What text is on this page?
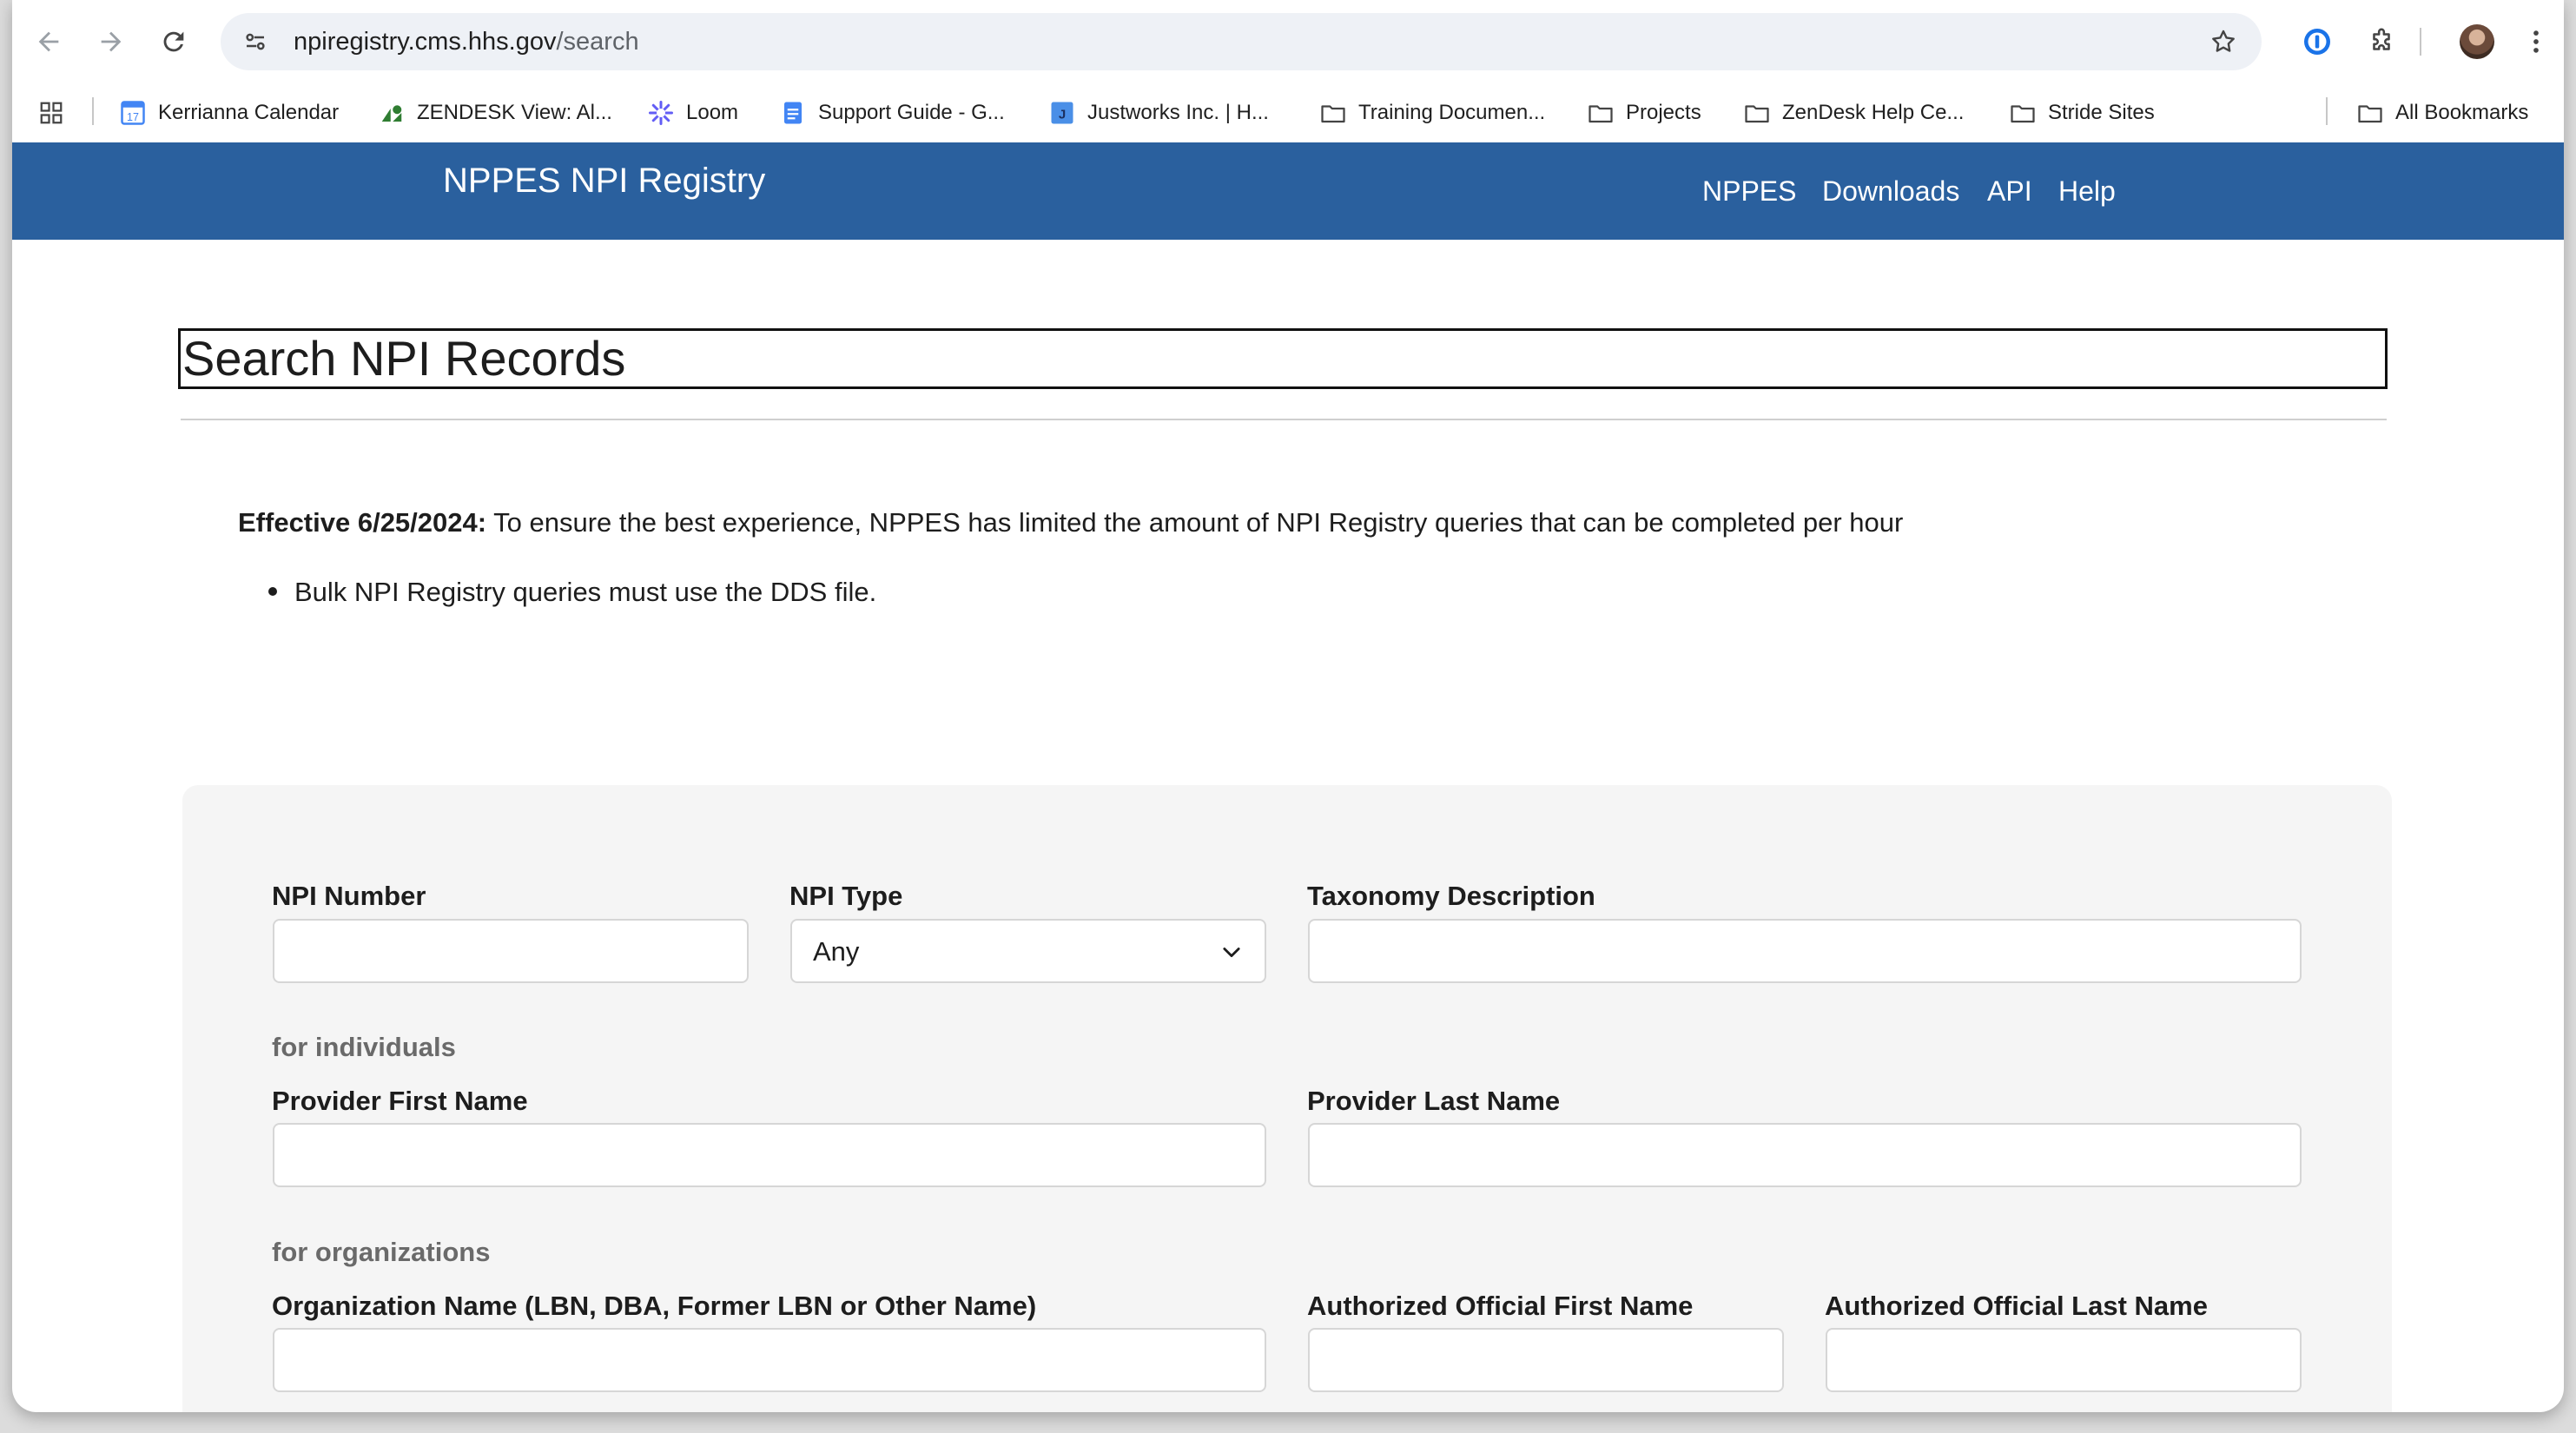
npiregistry.cms.hhs.gov/search
17 Kerrianna Calendar	ZENDESK View: Al...	Loom	Support Guide - G...	J Justworks Inc. | H...	Training Documen...	Projects	ZenDesk Help Ce...	Stride Sites	All Bookmarks
NPPES NPI Registry	NPPES Downloads API Help
Search NPI Records
Effective 6/25/2024: To ensure the best experience, NPPES has limited the amount of NPI Registry queries that can be completed per hour
Bulk NPI Registry queries must use the DDS file.
NPI Number	NPI Type
Any
Taxonomy Description
for individuals
Provider First Name	Provider Last Name
for organizations
Organization Name (LBN, DBA, Former LBN or Other Name)	Authorized Official First Name	Authorized Official Last Name
